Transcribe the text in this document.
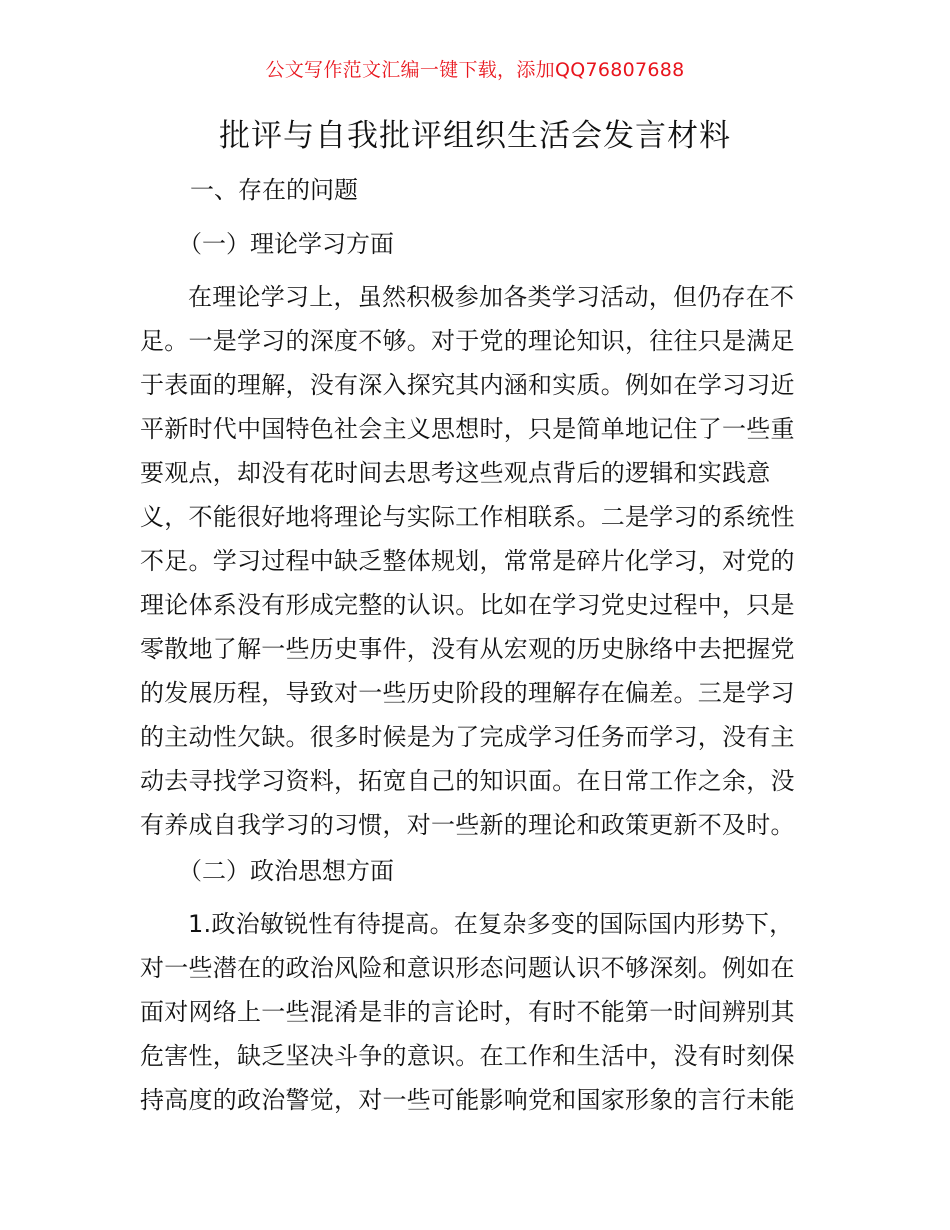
公文写作范文汇编一键下载，添加QQ76807688
批评与自我批评组织生活会发言材料
一、存在的问题
（一）理论学习方面
在理论学习上，虽然积极参加各类学习活动，但仍存在不
足。一是学习的深度不够。对于党的理论知识，往往只是满足
于表面的理解，没有深入探究其内涵和实质。例如在学习习近
平新时代中国特色社会主义思想时，只是简单地记住了一些重
要观点，却没有花时间去思考这些观点背后的逻辑和实践意
义，不能很好地将理论与实际工作相联系。二是学习的系统性
不足。学习过程中缺乏整体规划，常常是碎片化学习，对党的
理论体系没有形成完整的认识。比如在学习党史过程中，只是
零散地了解一些历史事件，没有从宏观的历史脉络中去把握党
的发展历程，导致对一些历史阶段的理解存在偏差。三是学习
的主动性欠缺。很多时候是为了完成学习任务而学习，没有主
动去寻找学习资料，拓宽自己的知识面。在日常工作之余，没
有养成自我学习的习惯，对一些新的理论和政策更新不及时。
（二）政治思想方面
1.政治敏锐性有待提高。在复杂多变的国际国内形势下，
对一些潜在的政治风险和意识形态问题认识不够深刻。例如在
面对网络上一些混淆是非的言论时，有时不能第一时间辨别其
危害性，缺乏坚决斗争的意识。在工作和生活中，没有时刻保
持高度的政治警觉，对一些可能影响党和国家形象的言行未能
